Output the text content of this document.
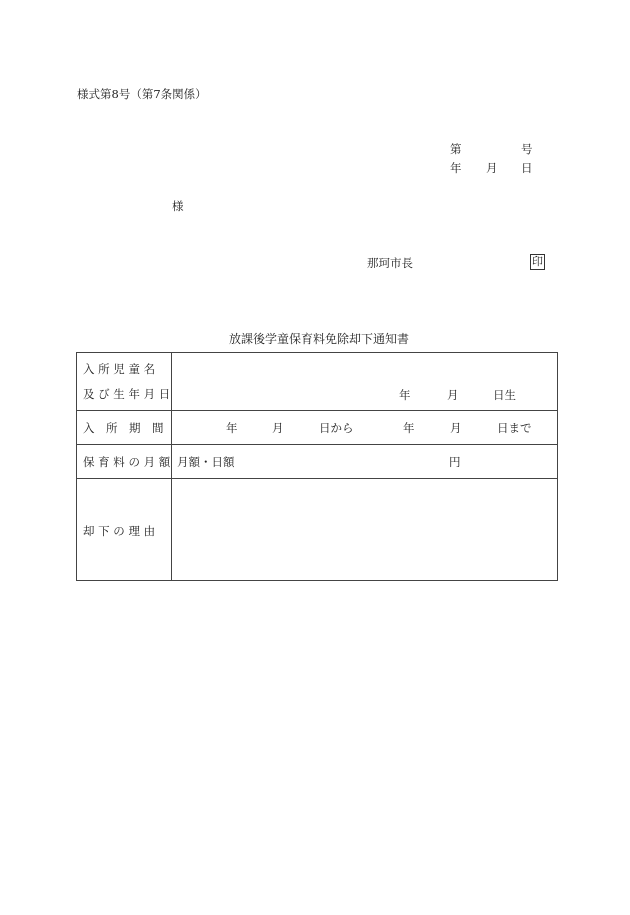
様式第8号（第7条関係）
第	号
年 月 日
様
那珂市長	印
放課後学童保育料免除却下通知書
入 所 児 童 名
及 び 生 年 月 日	年	月	日生
入　所　期　間	年	月	日から	年	月	日まで
保 育 料 の 月 額 月額・日額	円
却 下 の 理 由
